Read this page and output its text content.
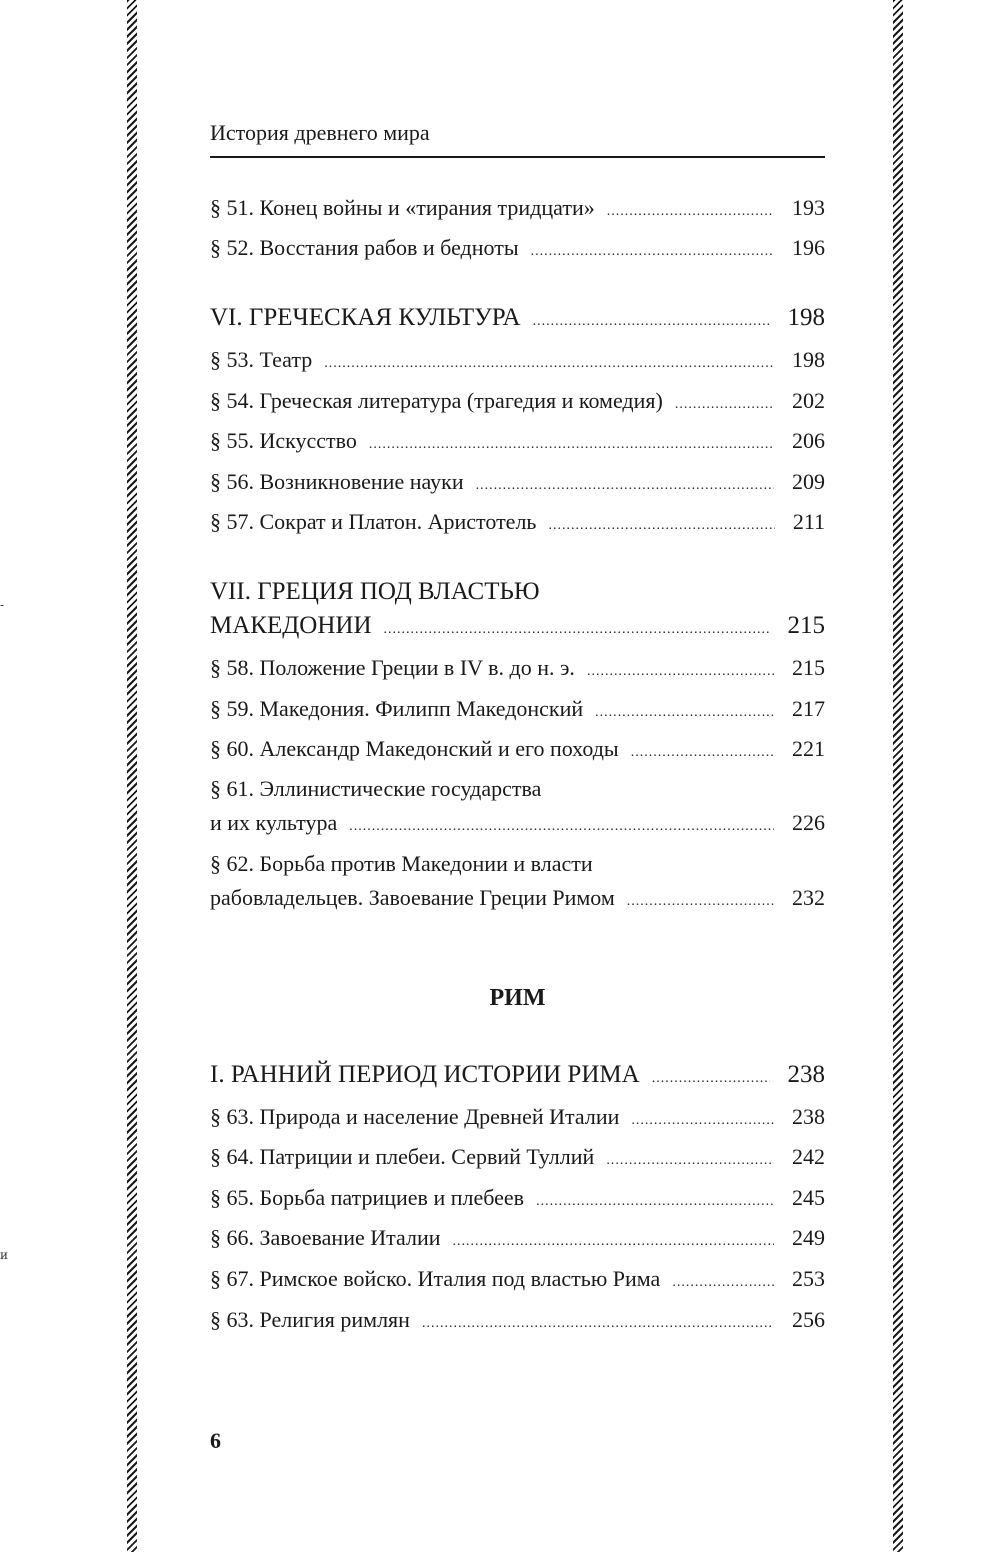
-
и
История древнего мира
§ 51. Конец войны и «тирания тридцати» .....	193
§ 52. Восстания рабов и бедноты .....	196
VI. ГРЕЧЕСКАЯ КУЛЬТУРА .....	198
§ 53. Театр .....	198
§ 54. Греческая литература (трагедия и комедия) .....	202
§ 55. Искусство .....	206
§ 56. Возникновение науки .....	209
§ 57. Сократ и Платон. Аристотель .....	211
VII. ГРЕЦИЯ ПОД ВЛАСТЬЮ
МАКЕДОНИИ .....	215
§ 58. Положение Греции в IV в. до н. э. .....	215
§ 59. Македония. Филипп Македонский .....	217
§ 60. Александр Македонский и его походы .....	221
§ 61. Эллинистические государства
и их культура .....	226
§ 62. Борьба против Македонии и власти
рабовладельцев. Завоевание Греции Римом .....	232
I. РАННИЙ ПЕРИОД ИСТОРИИ РИМА .....	238
§ 63. Природа и население Древней Италии .....	238
§ 64. Патриции и плебеи. Сервий Туллий .....	242
§ 65. Борьба патрициев и плебеев .....	245
§ 66. Завоевание Италии .....	249
§ 67. Римское войско. Италия под властью Рима .....	253
§ 63. Религия римлян .....	256
РИМ
6
